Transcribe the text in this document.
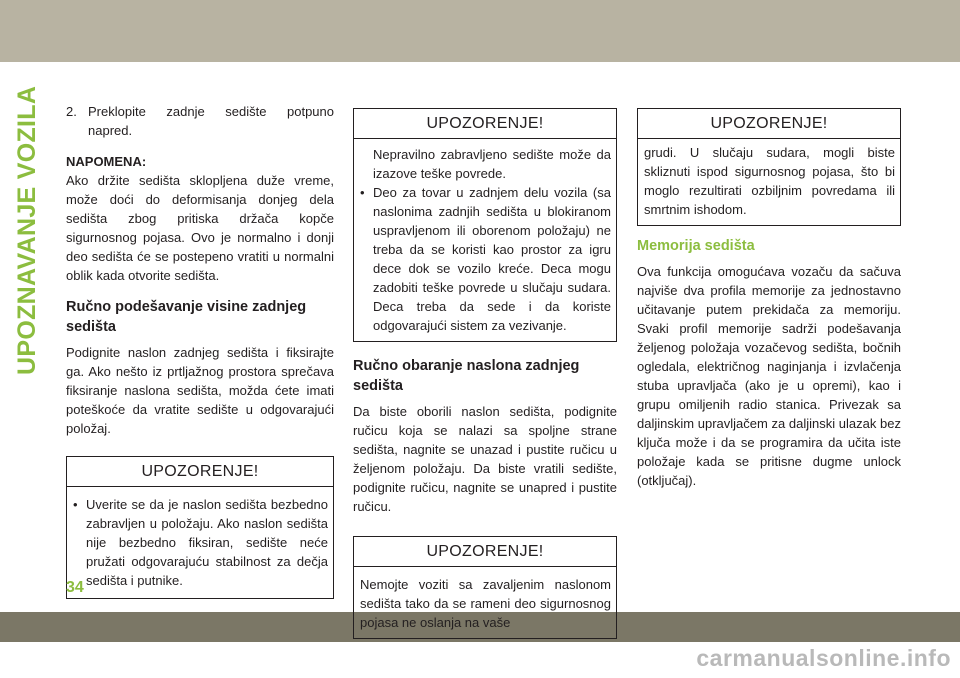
UPOZNAVANJE VOZILA	2. Preklopite zadnje sedište potpuno
napred.
NAPOMENA:
Ako držite sedišta sklopljena duže vreme, može doći do deformisanja donjeg dela sedišta zbog pritiska držača kopče sigurnosnog pojasa. Ovo je normalno i donji deo sedišta će se postepeno vratiti u normalni oblik kada otvorite sedišta.
Ručno podešavanje visine zadnjeg sedišta
Podignite naslon zadnjeg sedišta i fiksirajte ga. Ako nešto iz prtljažnog prostora sprečava fiksiranje naslona sedišta, možda ćete imati poteškoće da vratite sedište u odgovarajući položaj.
UPOZORENJE!
• Uverite se da je naslon sedišta bezbedno zabravljen u položaju. Ako naslon sedišta nije bezbedno fiksiran, sedište neće pružati odgovarajuću stabilnost za dečja sedišta i putnike.
UPOZORENJE!
Nepravilno zabravljeno sedište može da izazove teške povrede.
• Deo za tovar u zadnjem delu vozila (sa naslonima zadnjih sedišta u blokiranom uspravljenom ili oborenom položaju) ne treba da se koristi kao prostor za igru dece dok se vozilo kreće. Deca mogu zadobiti teške povrede u slučaju sudara. Deca treba da sede i da koriste odgovarajući sistem za vezivanje.
Ručno obaranje naslona zadnjeg sedišta
Da biste oborili naslon sedišta, podignite ručicu koja se nalazi sa spoljne strane sedišta, nagnite se unazad i pustite ručicu u željenom položaju. Da biste vratili sedište, podignite ručicu, nagnite se unapred i pustite ručicu.
UPOZORENJE!
Nemojte voziti sa zavaljenim naslonom sedišta tako da se rameni deo sigurnosnog pojasa ne oslanja na vaše
UPOZORENJE!
grudi. U slučaju sudara, mogli biste skliznuti ispod sigurnosnog pojasa, što bi moglo rezultirati ozbiljnim povredama ili smrtnim ishodom.
Memorija sedišta
Ova funkcija omogućava vozaču da sačuva najviše dva profila memorije za jednostavno učitavanje putem prekidača za memoriju. Svaki profil memorije sadrži podešavanja željenog položaja vozačevog sedišta, bočnih ogledala, električnog naginjanja i izvlačenja stuba upravljača (ako je u opremi), kao i grupu omiljenih radio stanica. Privezak sa daljinskim upravljačem za daljinski ulazak bez ključa može i da se programira da učita iste položaje kada se pritisne dugme unlock (otključaj).
34
carmanualsonline.info
